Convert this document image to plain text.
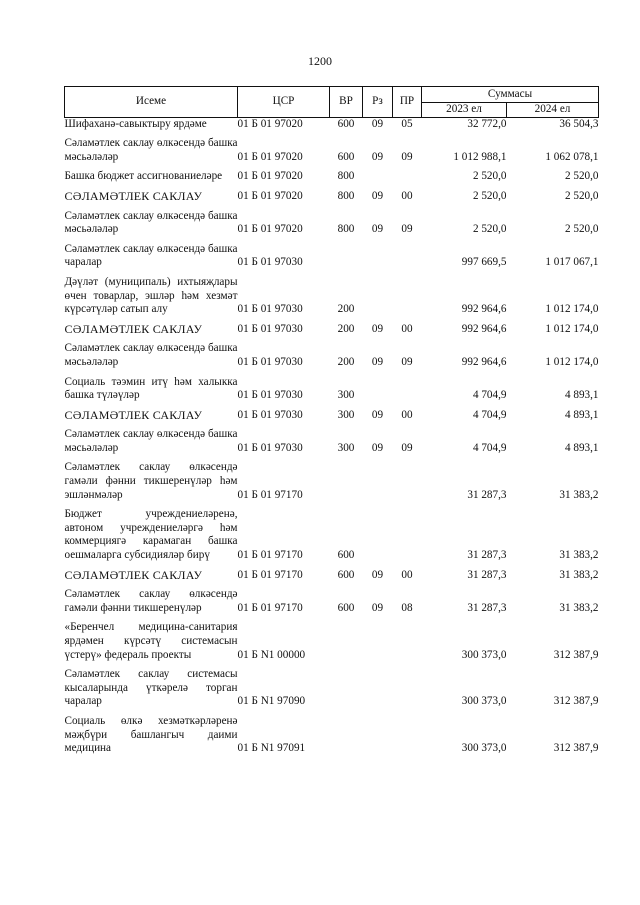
1200
Исеме	ЦСР	ВР	Рз	ПР	Суммасы	
					2023 ел	2024 ел
Шифаханә-савыктыру ярдәме	01 Б 01 97020	600	09	05	32 772,0	36 504,3

Сәламәтлек саклау өлкәсендә башка мәсьәләләр	01 Б 01 97020	600	09	09	1 012 988,1	1 062 078,1

Башка бюджет ассигнованиеләре	01 Б 01 97020	800			2 520,0	2 520,0

СӘЛАМӘТЛЕК САКЛАУ	01 Б 01 97020	800	09	00	2 520,0	2 520,0

Сәламәтлек саклау өлкәсендә башка мәсьәләләр	01 Б 01 97020	800	09	09	2 520,0	2 520,0

Сәламәтлек саклау өлкәсендә башка чаралар	01 Б 01 97030				997 669,5	1 017 067,1

Дәүләт (муниципаль) ихтыяҗлары өчен товарлар, эшләр һәм хезмәт күрсәтүләр сатып алу	01 Б 01 97030	200			992 964,6	1 012 174,0

СӘЛАМӘТЛЕК САКЛАУ	01 Б 01 97030	200	09	00	992 964,6	1 012 174,0

Сәламәтлек саклау өлкәсендә башка мәсьәләләр	01 Б 01 97030	200	09	09	992 964,6	1 012 174,0

Социаль тәэмин итү һәм халыкка башка түләүләр	01 Б 01 97030	300			4 704,9	4 893,1

СӘЛАМӘТЛЕК САКЛАУ	01 Б 01 97030	300	09	00	4 704,9	4 893,1

Сәламәтлек саклау өлкәсендә башка мәсьәләләр	01 Б 01 97030	300	09	09	4 704,9	4 893,1

Сәламәтлек саклау өлкәсендә гамәли фәнни тикшеренүләр һәм эшләнмәләр	01 Б 01 97170				31 287,3	31 383,2

Бюджет учреждениеләренә, автоном учреждениеләргә һәм коммерциягә карамаган башка оешмаларга субсидияләр бирү	01 Б 01 97170	600			31 287,3	31 383,2

СӘЛАМӘТЛЕК САКЛАУ	01 Б 01 97170	600	09	00	31 287,3	31 383,2

Сәламәтлек саклау өлкәсендә гамәли фәнни тикшеренүләр	01 Б 01 97170	600	09	08	31 287,3	31 383,2

«Беренчел медицина-санитария ярдәмен күрсәтү системасын үстерү» федераль проекты	01 Б N1 00000				300 373,0	312 387,9

Сәламәтлек саклау системасы кысаларында үткәрелә торган чаралар	01 Б N1 97090				300 373,0	312 387,9

Социаль өлкә хезмәткәрләренә мәҗбүри башлангыч даими медицина	01 Б N1 97091				300 373,0	312 387,9
